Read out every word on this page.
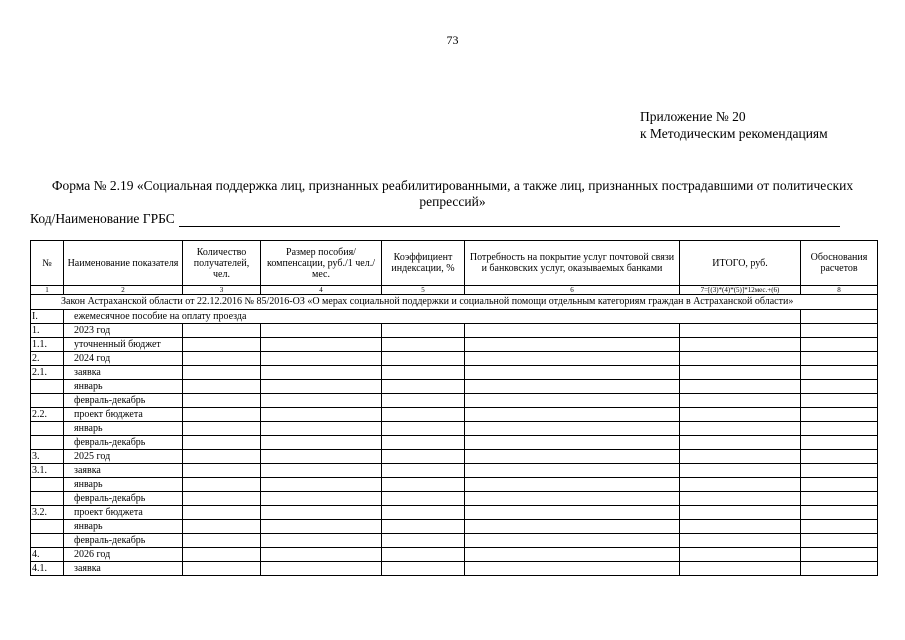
73
Приложение № 20
к Методическим рекомендациям
Форма № 2.19 «Социальная поддержка лиц, признанных реабилитированными, а также лиц, признанных пострадавшими от политических репрессий»
Код/Наименование ГРБС
№	Наименование показателя	Количество получателей, чел.	Размер пособия/компенсации, руб./1 чел./мес.	Коэффициент индексации, %	Потребность на покрытие услуг почтовой связи и банковских услуг, оказываемых банками	ИТОГО, руб.	Обоснования расчетов
1	2	3	4	5	6	7=[(3)*(4)*(5)]*12мес.+(6)	8
Закон Астраханской области от 22.12.2016 № 85/2016-ОЗ «О мерах социальной поддержки и социальной помощи отдельным категориям граждан в Астраханской области»							
I.	ежемесячное пособие на оплату проезда						
1.	2023 год						
1.1.	уточненный бюджет						
2.	2024 год						
2.1.	заявка						
	январь						
	февраль-декабрь						
2.2.	проект бюджета						
	январь						
	февраль-декабрь						
3.	2025 год						
3.1.	заявка						
	январь						
	февраль-декабрь						
3.2.	проект бюджета						
	январь						
	февраль-декабрь						
4.	2026 год						
4.1.	заявка						
